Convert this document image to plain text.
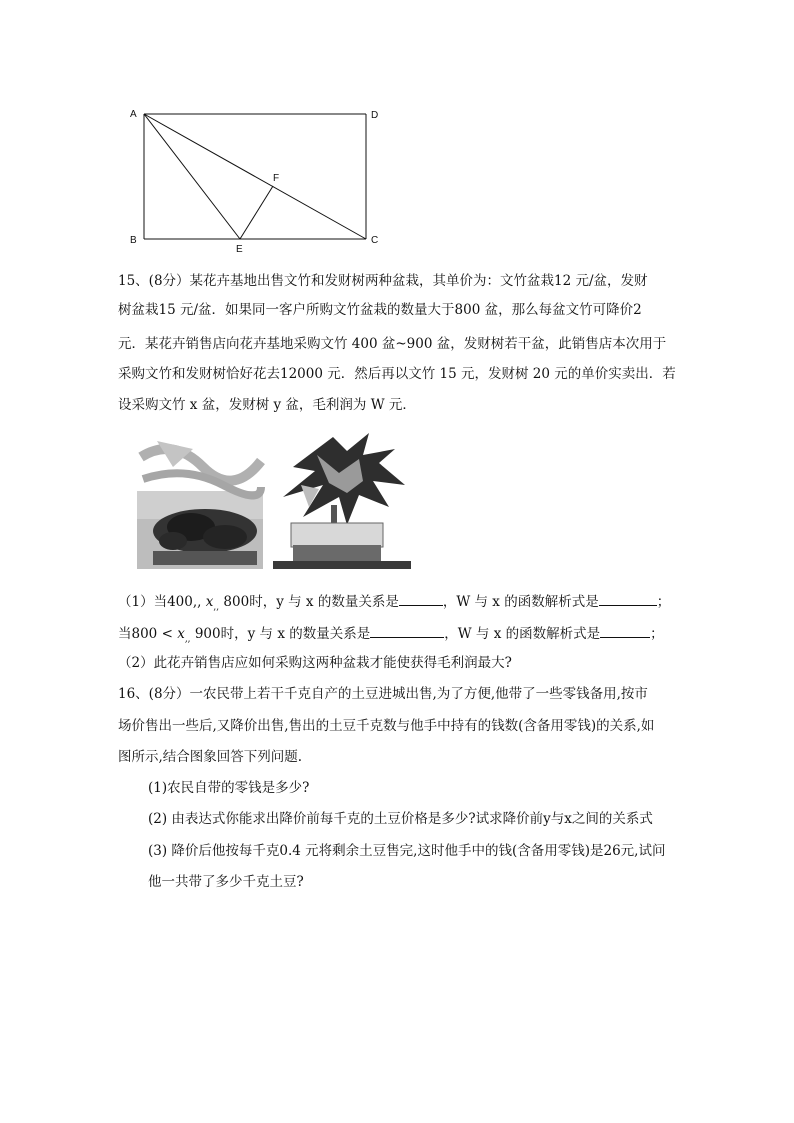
A	D
B	C
E
F
15、(8分）某花卉基地出售文竹和发财树两种盆栽，其单价为：文竹盆栽12 元/盆，发财
树盆栽15 元/盆．如果同一客户所购文竹盆栽的数量大于800 盆，那么每盆文竹可降价2
元．某花卉销售店向花卉基地采购文竹 400 盆~900 盆，发财树若干盆，此销售店本次用于
采购文竹和发财树恰好花去12000 元．然后再以文竹 15 元，发财树 20 元的单价实卖出．若
设采购文竹 x 盆，发财树 y 盆，毛利润为 W 元．
（1）当400,, $x_{,,}$ 800时，y 与 x 的数量关系是	，W 与 x 的函数解析式是	；
当$800 < x_{,,}$ 900时，y 与 x 的数量关系是	，W 与 x 的函数解析式是	；
（2）此花卉销售店应如何采购这两种盆栽才能使获得毛利润最大?
16、(8分）一农民带上若干千克自产的土豆进城出售,为了方便,他带了一些零钱备用,按市
场价售出一些后,又降价出售,售出的土豆千克数与他手中持有的钱数(含备用零钱)的关系,如
图所示,结合图象回答下列问题.
(1)农民自带的零钱是多少?
(2) 由表达式你能求出降价前每千克的土豆价格是多少?试求降价前y与x之间的关系式
(3) 降价后他按每千克0.4 元将剩余土豆售完,这时他手中的钱(含备用零钱)是26元,试问
他一共带了多少千克土豆?
